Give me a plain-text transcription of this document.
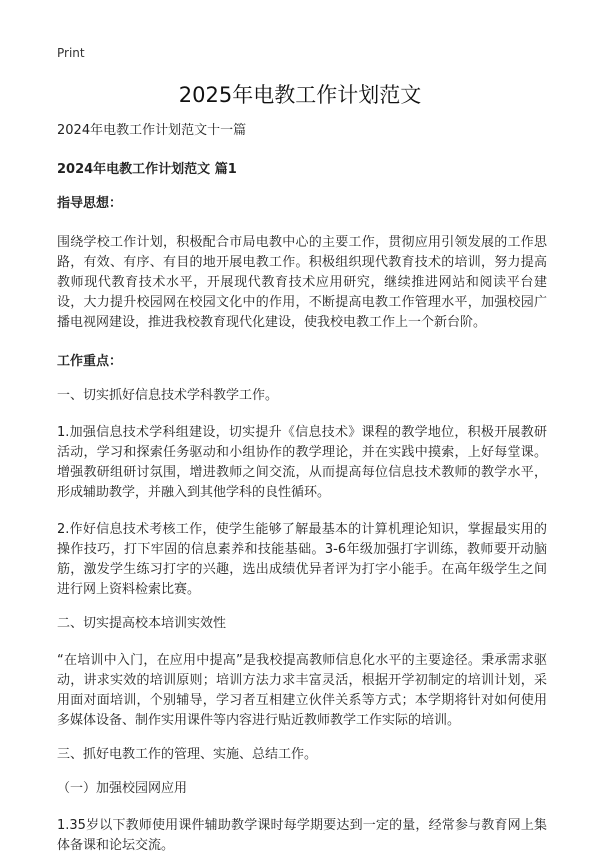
Print
2025年电教工作计划范文

2024年电教工作计划范文十一篇

2024年电教工作计划范文 篇1

指导思想：

围绕学校工作计划，积极配合市局电教中心的主要工作，贯彻应用引领发展的工作思路，有效、有序、有目的地开展电教工作。积极组织现代教育技术的培训，努力提高教师现代教育技术水平，开展现代教育技术应用研究，继续推进网站和阅读平台建设，大力提升校园网在校园文化中的作用，不断提高电教工作管理水平，加强校园广播电视网建设，推进我校教育现代化建设，使我校电教工作上一个新台阶。

工作重点：

一、切实抓好信息技术学科教学工作。

1.加强信息技术学科组建设，切实提升《信息技术》课程的教学地位，积极开展教研活动，学习和探索任务驱动和小组协作的教学理论，并在实践中摸索，上好每堂课。增强教研组研讨氛围，增进教师之间交流，从而提高每位信息技术教师的教学水平，形成辅助教学，并融入到其他学科的良性循环。

2.作好信息技术考核工作，使学生能够了解最基本的计算机理论知识，掌握最实用的操作技巧，打下牢固的信息素养和技能基础。3-6年级加强打字训练，教师要开动脑筋，激发学生练习打字的兴趣，选出成绩优异者评为打字小能手。在高年级学生之间进行网上资料检索比赛。

二、切实提高校本培训实效性

“在培训中入门，在应用中提高”是我校提高教师信息化水平的主要途径。秉承需求驱动，讲求实效的培训原则；培训方法力求丰富灵活，根据开学初制定的培训计划，采用面对面培训，个别辅导，学习者互相建立伙伴关系等方式；本学期将针对如何使用多媒体设备、制作实用课件等内容进行贴近教师教学工作实际的培训。

三、抓好电教工作的管理、实施、总结工作。

（一）加强校园网应用

1.35岁以下教师使用课件辅助教学课时每学期要达到一定的量，经常参与教育网上集体备课和论坛交流。
